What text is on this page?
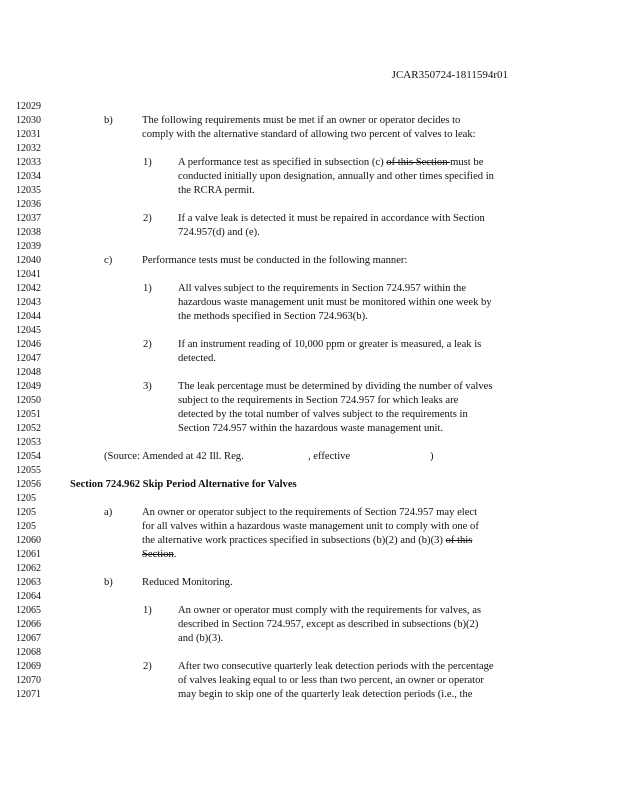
· ·
JCAR350724-1811594r01
12029
12030
12031
12032
12033
12034
12035
12036
12037
12038
12039
12040
12041
12042
12043
12044
12045
12046
12047
12048
12049
12050
12051
12052
12053
12054
12055
12056
1205
1205
1205
12060
12061
12062
12063
12064
12065
12066
12067
12068
12069
12070
12071
b)	The following requirements must be met if an owner or operator decides to
comply with the alternative standard of allowing two percent of valves to leak:
1) A performance test as specified in subsection (c) of this Section must be
conducted initially upon designation, annually and other times specified in
the RCRA permit.
2) If a valve leak is detected it must be repaired in accordance with Section
724.957(d) and (e).
c)	Performance tests must be conducted in the following manner:
1) All valves subject to the requirements in Section 724.957 within the
hazardous waste management unit must be monitored within one week by
the methods specified in Section 724.963(b).
2) If an instrument reading of 10,000 ppm or greater is measured, a leak is
detected.
3) The leak percentage must be determined by dividing the number of valves
subject to the requirements in Section 724.957 for which leaks are
detected by the total number of valves subject to the requirements in
Section 724.957 within the hazardous waste management unit.
(Source: Amended at 42 Ill. Reg.	, effective	)
Section 724.962 Skip Period Alternative for Valves
a)	An owner or operator subject to the requirements of Section 724.957 may elect
for all valves within a hazardous waste management unit to comply with one of
the alternative work practices specified in subsections (b)(2) and (b)(3) of this
Section.
b)	Reduced Monitoring.
1) An owner or operator must comply with the requirements for valves, as
described in Section 724.957, except as described in subsections (b)(2)
and (b)(3).
2) After two consecutive quarterly leak detection periods with the percentage
of valves leaking equal to or less than two percent, an owner or operator
may begin to skip one of the quarterly leak detection periods (i.e., the
